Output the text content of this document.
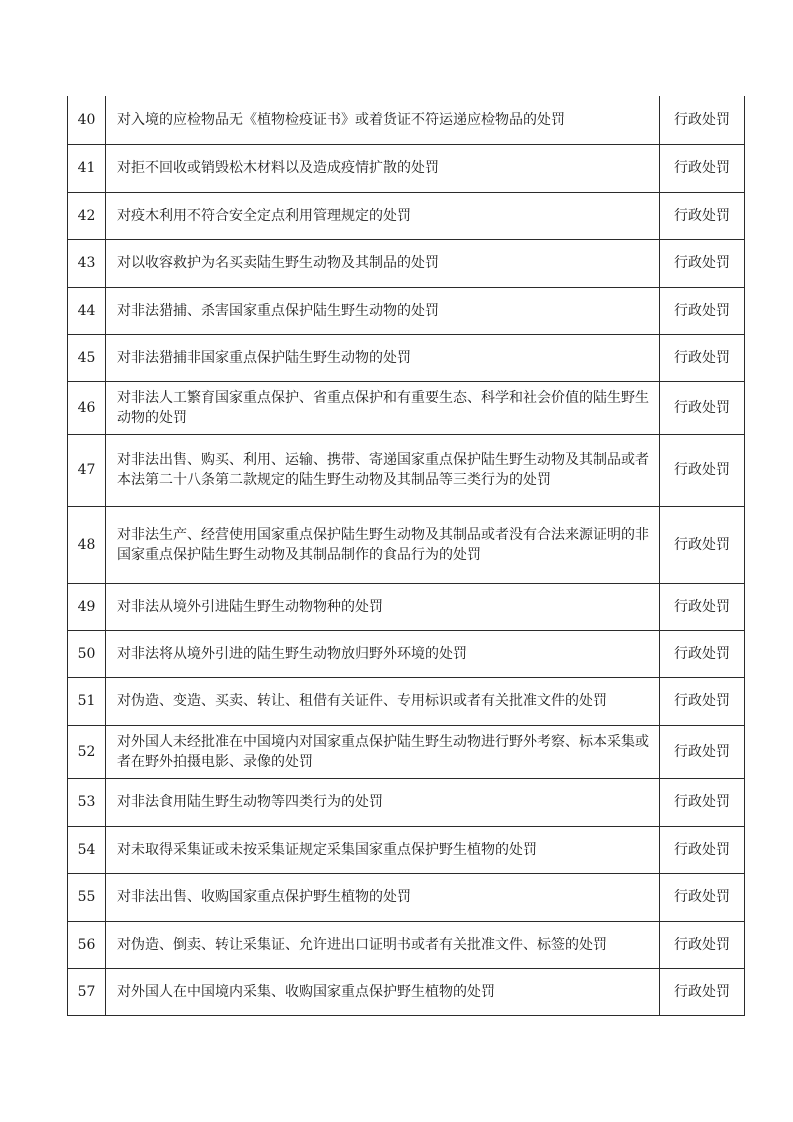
40	对入境的应检物品无《植物检疫证书》或着货证不符运递应检物品的处罚	行政处罚
41	对拒不回收或销毁松木材料以及造成疫情扩散的处罚	行政处罚
42	对疫木利用不符合安全定点利用管理规定的处罚	行政处罚
43	对以收容救护为名买卖陆生野生动物及其制品的处罚	行政处罚
44	对非法猎捕、杀害国家重点保护陆生野生动物的处罚	行政处罚
45	对非法猎捕非国家重点保护陆生野生动物的处罚	行政处罚
46	对非法人工繁育国家重点保护、省重点保护和有重要生态、科学和社会价值的陆生野生动物的处罚	行政处罚
47	对非法出售、购买、利用、运输、携带、寄递国家重点保护陆生野生动物及其制品或者本法第二十八条第二款规定的陆生野生动物及其制品等三类行为的处罚	行政处罚
48	对非法生产、经营使用国家重点保护陆生野生动物及其制品或者没有合法来源证明的非国家重点保护陆生野生动物及其制品制作的食品行为的处罚	行政处罚
49	对非法从境外引进陆生野生动物物种的处罚	行政处罚
50	对非法将从境外引进的陆生野生动物放归野外环境的处罚	行政处罚
51	对伪造、变造、买卖、转让、租借有关证件、专用标识或者有关批准文件的处罚	行政处罚
52	对外国人未经批准在中国境内对国家重点保护陆生野生动物进行野外考察、标本采集或者在野外拍摄电影、录像的处罚	行政处罚
53	对非法食用陆生野生动物等四类行为的处罚	行政处罚
54	对未取得采集证或未按采集证规定采集国家重点保护野生植物的处罚	行政处罚
55	对非法出售、收购国家重点保护野生植物的处罚	行政处罚
56	对伪造、倒卖、转让采集证、允许进出口证明书或者有关批准文件、标签的处罚	行政处罚
57	对外国人在中国境内采集、收购国家重点保护野生植物的处罚	行政处罚
